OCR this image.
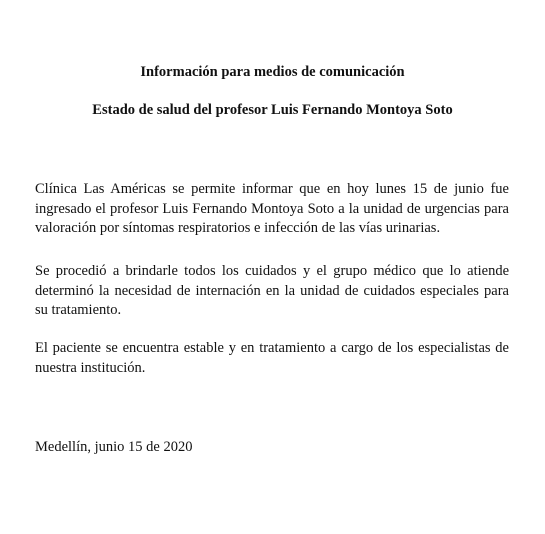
Información para medios de comunicación
Estado de salud del profesor Luis Fernando Montoya Soto

Clínica Las Américas se permite informar que en hoy lunes 15 de junio fue ingresado el profesor Luis Fernando Montoya Soto a la unidad de urgencias para valoración por síntomas respiratorios e infección de las vías urinarias.

Se procedió a brindarle todos los cuidados y el grupo médico que lo atiende determinó la necesidad de internación en la unidad de cuidados especiales para su tratamiento.

El paciente se encuentra estable y en tratamiento a cargo de los especialistas de nuestra institución.

Medellín, junio 15 de 2020
